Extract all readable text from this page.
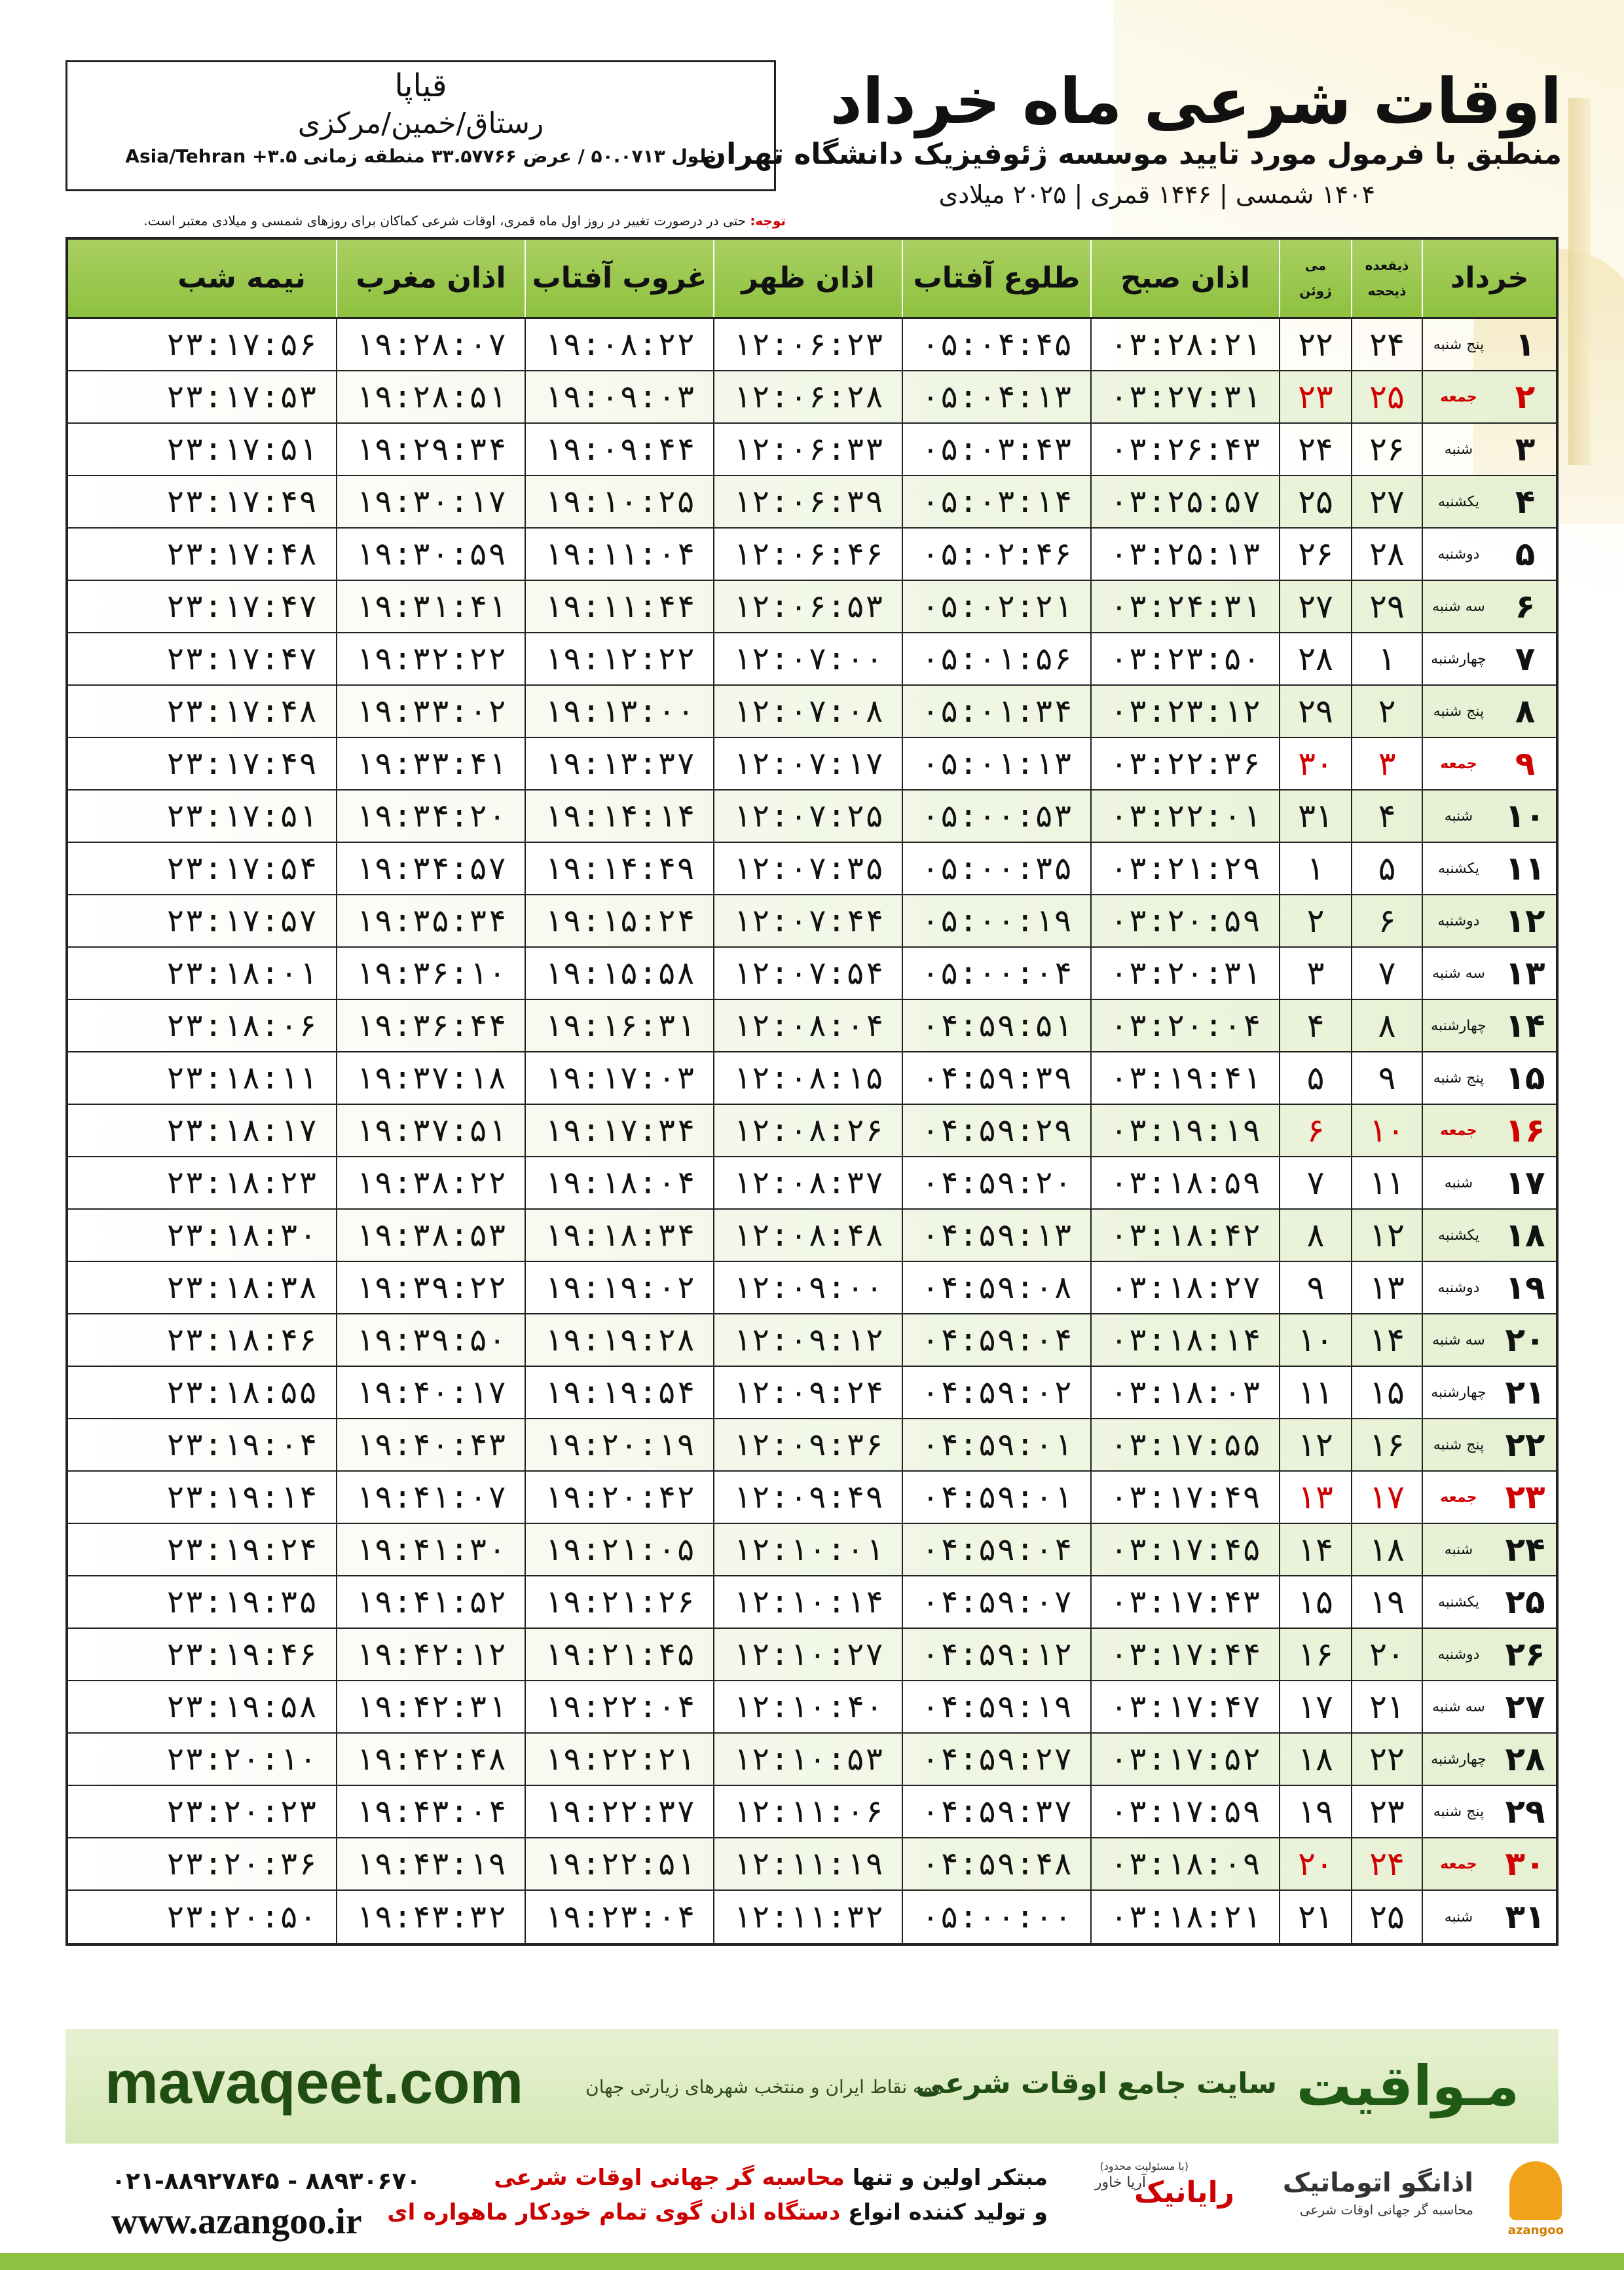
قیاپا
رستاق/خمین/مرکزی
طول ۵۰.۰۷۱۳ / عرض ۳۳.۵۷۷۶۶ منطقه زمانی ۳.۵+ Asia/Tehran
اوقات شرعی ماه خرداد
منطبق با فرمول مورد تایید موسسه ژئوفیزیک دانشگاه تهران
۱۴۰۴ شمسی | ۱۴۴۶ قمری | ۲۰۲۵ میلادی
توجه: حتی در درصورت تغییر در روز اول ماه قمری، اوقات شرعی کماکان برای روزهای شمسی و میلادی معتبر است.
خرداد
ذیقعده
ذیحجه
می
ژوئن
اذان صبح
طلوع آفتاب
اذان ظهر
غروب آفتاب
اذان مغرب
نیمه شب
۱
پنج شنبه
۲۴
۲۲
۰۳:۲۸:۲۱
۰۵:۰۴:۴۵
۱۲:۰۶:۲۳
۱۹:۰۸:۲۲
۱۹:۲۸:۰۷
۲۳:۱۷:۵۶
۲
جمعه
۲۵
۲۳
۰۳:۲۷:۳۱
۰۵:۰۴:۱۳
۱۲:۰۶:۲۸
۱۹:۰۹:۰۳
۱۹:۲۸:۵۱
۲۳:۱۷:۵۳
۳
شنبه
۲۶
۲۴
۰۳:۲۶:۴۳
۰۵:۰۳:۴۳
۱۲:۰۶:۳۳
۱۹:۰۹:۴۴
۱۹:۲۹:۳۴
۲۳:۱۷:۵۱
۴
یکشنبه
۲۷
۲۵
۰۳:۲۵:۵۷
۰۵:۰۳:۱۴
۱۲:۰۶:۳۹
۱۹:۱۰:۲۵
۱۹:۳۰:۱۷
۲۳:۱۷:۴۹
۵
دوشنبه
۲۸
۲۶
۰۳:۲۵:۱۳
۰۵:۰۲:۴۶
۱۲:۰۶:۴۶
۱۹:۱۱:۰۴
۱۹:۳۰:۵۹
۲۳:۱۷:۴۸
۶
سه شنبه
۲۹
۲۷
۰۳:۲۴:۳۱
۰۵:۰۲:۲۱
۱۲:۰۶:۵۳
۱۹:۱۱:۴۴
۱۹:۳۱:۴۱
۲۳:۱۷:۴۷
۷
چهارشنبه
۱
۲۸
۰۳:۲۳:۵۰
۰۵:۰۱:۵۶
۱۲:۰۷:۰۰
۱۹:۱۲:۲۲
۱۹:۳۲:۲۲
۲۳:۱۷:۴۷
۸
پنج شنبه
۲
۲۹
۰۳:۲۳:۱۲
۰۵:۰۱:۳۴
۱۲:۰۷:۰۸
۱۹:۱۳:۰۰
۱۹:۳۳:۰۲
۲۳:۱۷:۴۸
۹
جمعه
۳
۳۰
۰۳:۲۲:۳۶
۰۵:۰۱:۱۳
۱۲:۰۷:۱۷
۱۹:۱۳:۳۷
۱۹:۳۳:۴۱
۲۳:۱۷:۴۹
۱۰
شنبه
۴
۳۱
۰۳:۲۲:۰۱
۰۵:۰۰:۵۳
۱۲:۰۷:۲۵
۱۹:۱۴:۱۴
۱۹:۳۴:۲۰
۲۳:۱۷:۵۱
۱۱
یکشنبه
۵
۱
۰۳:۲۱:۲۹
۰۵:۰۰:۳۵
۱۲:۰۷:۳۵
۱۹:۱۴:۴۹
۱۹:۳۴:۵۷
۲۳:۱۷:۵۴
۱۲
دوشنبه
۶
۲
۰۳:۲۰:۵۹
۰۵:۰۰:۱۹
۱۲:۰۷:۴۴
۱۹:۱۵:۲۴
۱۹:۳۵:۳۴
۲۳:۱۷:۵۷
۱۳
سه شنبه
۷
۳
۰۳:۲۰:۳۱
۰۵:۰۰:۰۴
۱۲:۰۷:۵۴
۱۹:۱۵:۵۸
۱۹:۳۶:۱۰
۲۳:۱۸:۰۱
۱۴
چهارشنبه
۸
۴
۰۳:۲۰:۰۴
۰۴:۵۹:۵۱
۱۲:۰۸:۰۴
۱۹:۱۶:۳۱
۱۹:۳۶:۴۴
۲۳:۱۸:۰۶
۱۵
پنج شنبه
۹
۵
۰۳:۱۹:۴۱
۰۴:۵۹:۳۹
۱۲:۰۸:۱۵
۱۹:۱۷:۰۳
۱۹:۳۷:۱۸
۲۳:۱۸:۱۱
۱۶
جمعه
۱۰
۶
۰۳:۱۹:۱۹
۰۴:۵۹:۲۹
۱۲:۰۸:۲۶
۱۹:۱۷:۳۴
۱۹:۳۷:۵۱
۲۳:۱۸:۱۷
۱۷
شنبه
۱۱
۷
۰۳:۱۸:۵۹
۰۴:۵۹:۲۰
۱۲:۰۸:۳۷
۱۹:۱۸:۰۴
۱۹:۳۸:۲۲
۲۳:۱۸:۲۳
۱۸
یکشنبه
۱۲
۸
۰۳:۱۸:۴۲
۰۴:۵۹:۱۳
۱۲:۰۸:۴۸
۱۹:۱۸:۳۴
۱۹:۳۸:۵۳
۲۳:۱۸:۳۰
۱۹
دوشنبه
۱۳
۹
۰۳:۱۸:۲۷
۰۴:۵۹:۰۸
۱۲:۰۹:۰۰
۱۹:۱۹:۰۲
۱۹:۳۹:۲۲
۲۳:۱۸:۳۸
۲۰
سه شنبه
۱۴
۱۰
۰۳:۱۸:۱۴
۰۴:۵۹:۰۴
۱۲:۰۹:۱۲
۱۹:۱۹:۲۸
۱۹:۳۹:۵۰
۲۳:۱۸:۴۶
۲۱
چهارشنبه
۱۵
۱۱
۰۳:۱۸:۰۳
۰۴:۵۹:۰۲
۱۲:۰۹:۲۴
۱۹:۱۹:۵۴
۱۹:۴۰:۱۷
۲۳:۱۸:۵۵
۲۲
پنج شنبه
۱۶
۱۲
۰۳:۱۷:۵۵
۰۴:۵۹:۰۱
۱۲:۰۹:۳۶
۱۹:۲۰:۱۹
۱۹:۴۰:۴۳
۲۳:۱۹:۰۴
۲۳
جمعه
۱۷
۱۳
۰۳:۱۷:۴۹
۰۴:۵۹:۰۱
۱۲:۰۹:۴۹
۱۹:۲۰:۴۲
۱۹:۴۱:۰۷
۲۳:۱۹:۱۴
۲۴
شنبه
۱۸
۱۴
۰۳:۱۷:۴۵
۰۴:۵۹:۰۴
۱۲:۱۰:۰۱
۱۹:۲۱:۰۵
۱۹:۴۱:۳۰
۲۳:۱۹:۲۴
۲۵
یکشنبه
۱۹
۱۵
۰۳:۱۷:۴۳
۰۴:۵۹:۰۷
۱۲:۱۰:۱۴
۱۹:۲۱:۲۶
۱۹:۴۱:۵۲
۲۳:۱۹:۳۵
۲۶
دوشنبه
۲۰
۱۶
۰۳:۱۷:۴۴
۰۴:۵۹:۱۲
۱۲:۱۰:۲۷
۱۹:۲۱:۴۵
۱۹:۴۲:۱۲
۲۳:۱۹:۴۶
۲۷
سه شنبه
۲۱
۱۷
۰۳:۱۷:۴۷
۰۴:۵۹:۱۹
۱۲:۱۰:۴۰
۱۹:۲۲:۰۴
۱۹:۴۲:۳۱
۲۳:۱۹:۵۸
۲۸
چهارشنبه
۲۲
۱۸
۰۳:۱۷:۵۲
۰۴:۵۹:۲۷
۱۲:۱۰:۵۳
۱۹:۲۲:۲۱
۱۹:۴۲:۴۸
۲۳:۲۰:۱۰
۲۹
پنج شنبه
۲۳
۱۹
۰۳:۱۷:۵۹
۰۴:۵۹:۳۷
۱۲:۱۱:۰۶
۱۹:۲۲:۳۷
۱۹:۴۳:۰۴
۲۳:۲۰:۲۳
۳۰
جمعه
۲۴
۲۰
۰۳:۱۸:۰۹
۰۴:۵۹:۴۸
۱۲:۱۱:۱۹
۱۹:۲۲:۵۱
۱۹:۴۳:۱۹
۲۳:۲۰:۳۶
۳۱
شنبه
۲۵
۲۱
۰۳:۱۸:۲۱
۰۵:۰۰:۰۰
۱۲:۱۱:۳۲
۱۹:۲۳:۰۴
۱۹:۴۳:۳۲
۲۳:۲۰:۵۰
mavaqeet.com	مـواقیت
سایت جامع اوقات شرعی
همه نقاط ایران و منتخب شهرهای زیارتی جهان
۰۲۱-۸۸۹۲۷۸۴۵ - ۸۸۹۳۰۶۷۰
www.azangoo.ir
مبتکر اولین و تنها محاسبه گر جهانی اوقات شرعی
و تولید کننده انواع دستگاه اذان گوی تمام خودکار ماهواره ای
(با مسئولیت محدود)
رایانیک
آریا خاور	اذانگو اتوماتیک
محاسبه گر جهانی اوقات شرعی
azangoo
